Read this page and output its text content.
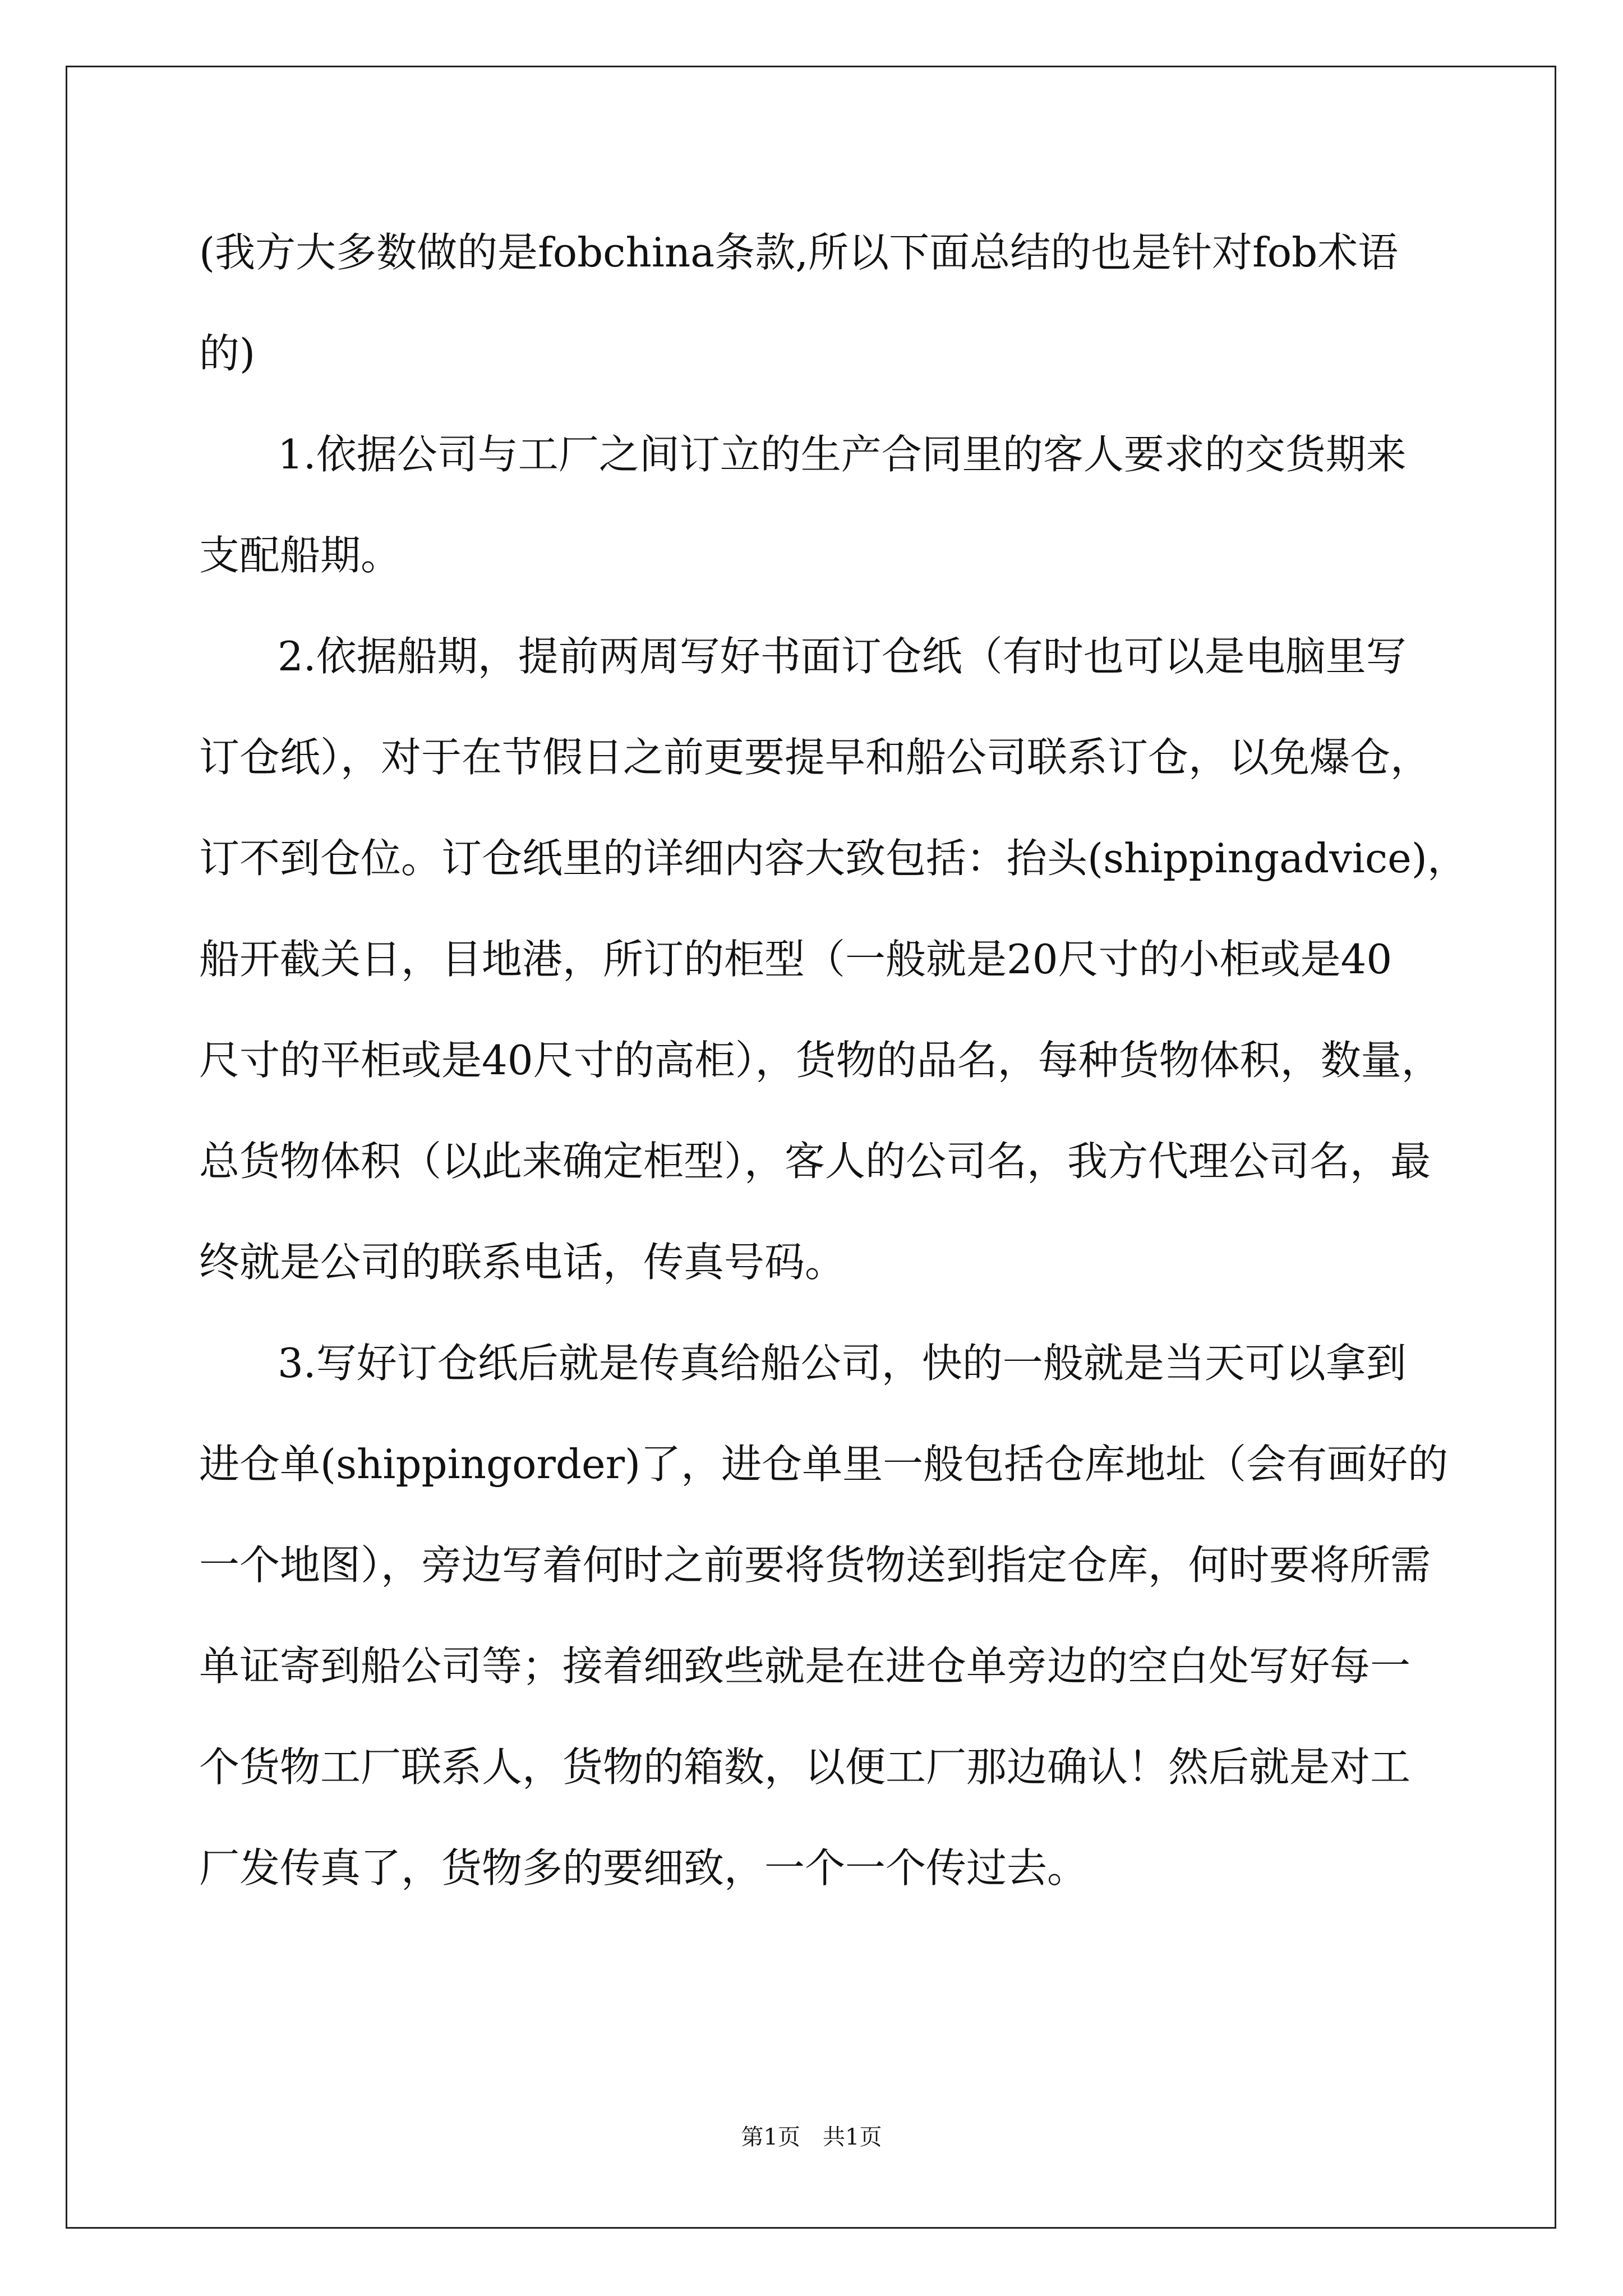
(我方大多数做的是fobchina条款,所以下面总结的也是针对fob术语
的)
1.依据公司与工厂之间订立的生产合同里的客人要求的交货期来
支配船期。
2.依据船期，提前两周写好书面订仓纸（有时也可以是电脑里写
订仓纸），对于在节假日之前更要提早和船公司联系订仓，以免爆仓，
订不到仓位。订仓纸里的详细内容大致包括：抬头(shippingadvice)，
船开截关日，目地港，所订的柜型（一般就是20尺寸的小柜或是40
尺寸的平柜或是40尺寸的高柜），货物的品名，每种货物体积，数量，
总货物体积（以此来确定柜型），客人的公司名，我方代理公司名，最
终就是公司的联系电话，传真号码。
3.写好订仓纸后就是传真给船公司，快的一般就是当天可以拿到
进仓单(shippingorder)了，进仓单里一般包括仓库地址（会有画好的
一个地图），旁边写着何时之前要将货物送到指定仓库，何时要将所需
单证寄到船公司等；接着细致些就是在进仓单旁边的空白处写好每一
个货物工厂联系人，货物的箱数，以便工厂那边确认！然后就是对工
厂发传真了，货物多的要细致，一个一个传过去。
第1页 共1页
